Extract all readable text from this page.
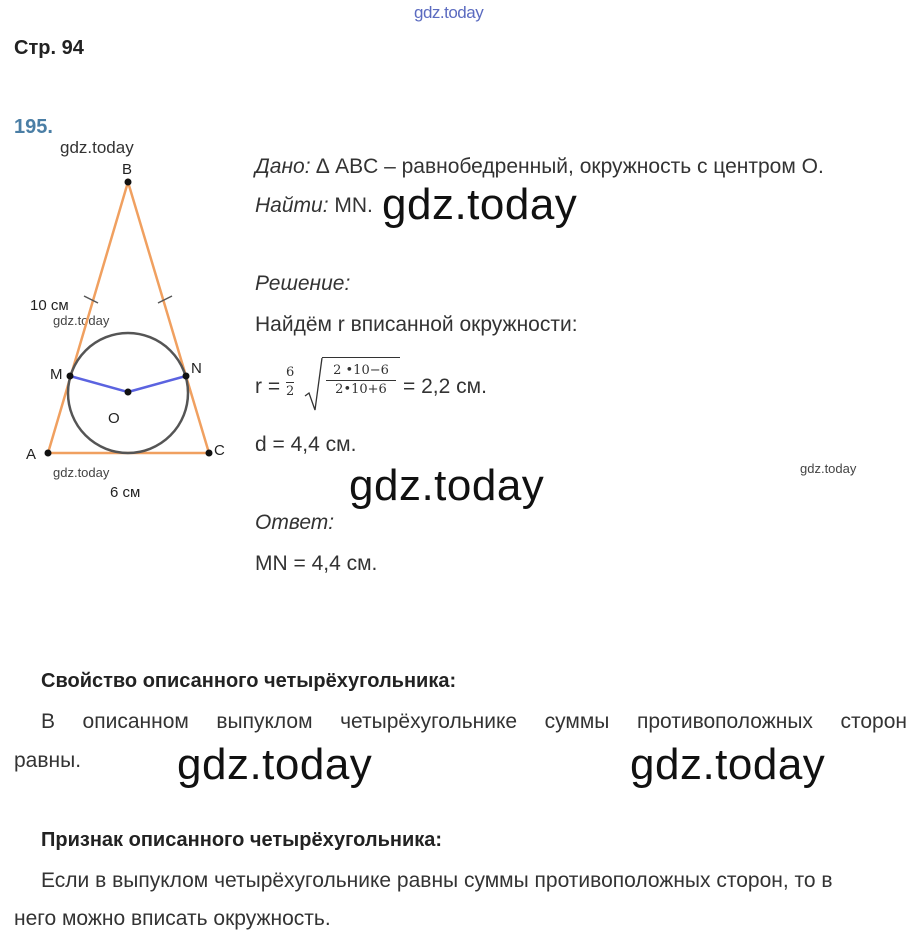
gdz.today
gdz.today
gdz.today
gdz.today	gdz.today
gdz.today
gdz.today
gdz.today	gdz.today
Стр. 94
195.
B
A	C
M	N
O
10 см
6 см
Дано: ∆ ABC – равнобедренный, окружность с центром О.
Найти: MN.
Решение:
Найдём r вписанной окружности:
r =
6
2
2 •10−6
2•10+6 = 2,2 см.
d = 4,4 см.
Ответ:
MN = 4,4 см.
Свойство описанного четырёхугольника:
В описанном выпуклом четырёхугольнике суммы противоположных сторон
равны.
Признак описанного четырёхугольника:
Если в выпуклом четырёхугольнике равны суммы противоположных сторон, то в
него можно вписать окружность.
